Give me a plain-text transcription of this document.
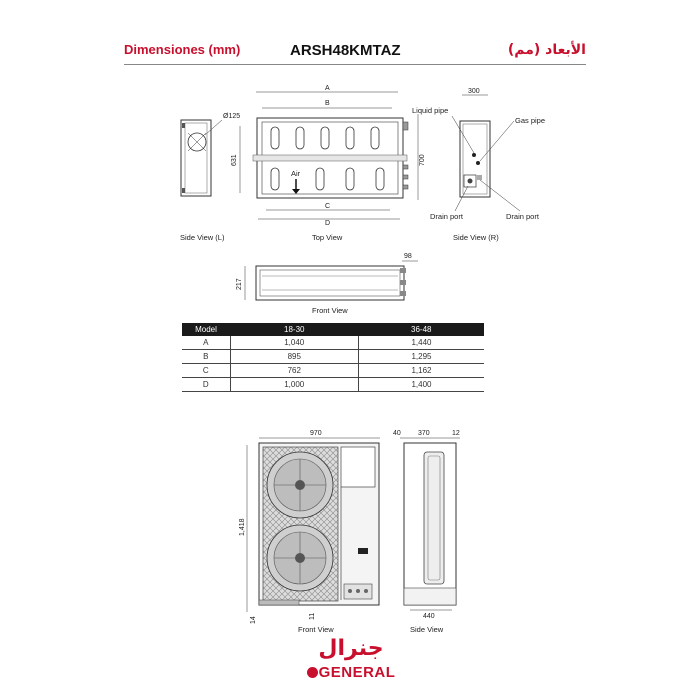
Dimensiones (mm)	ARSH48KMTAZ	الأبعاد (مم)
Ø125
631
Side View (L)
A
B
Air
700
C
D
Top View
300
Liquid pipe
Gas pipe
Drain port	Drain port
Side View (R)
217
98
Front View
Model	18-30	36-48
A	1,040	1,440
B	895	1,295
C	762	1,162
D	1,000	1,400
970
1,418
14	11
Front View
40 370	12
440
Side View
جنرال
GENERAL
